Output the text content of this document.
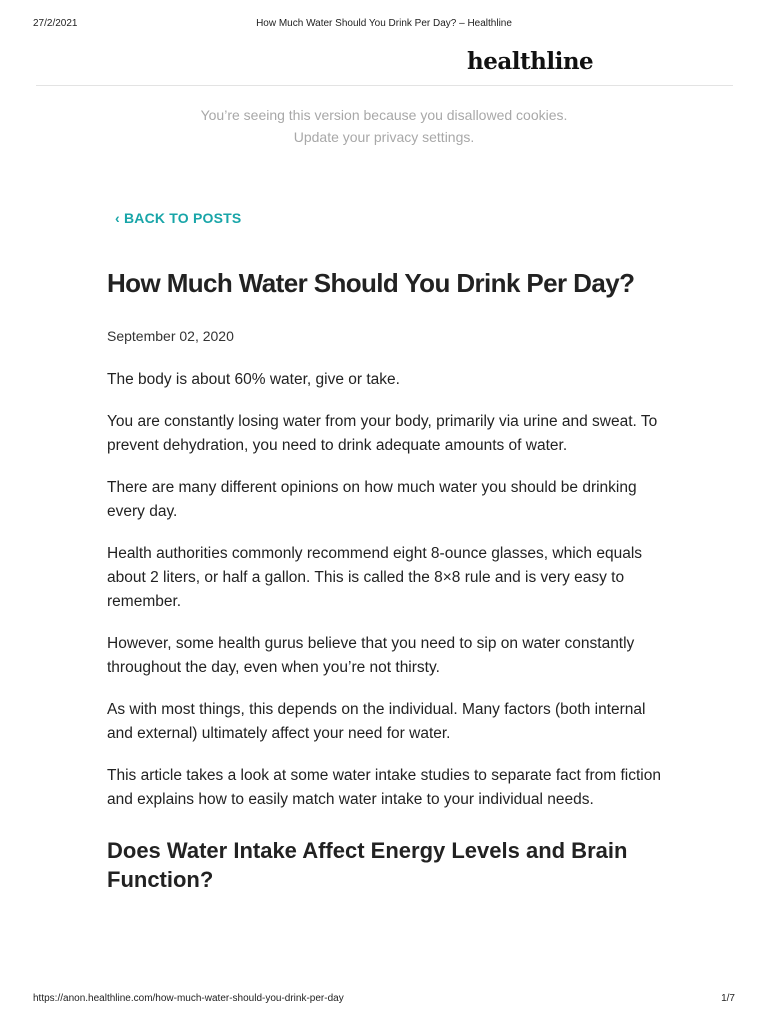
27/2/2021	How Much Water Should You Drink Per Day? – Healthline
healthline
You’re seeing this version because you disallowed cookies.
Update your privacy settings.
‹ BACK TO POSTS
How Much Water Should You Drink Per Day?
September 02, 2020

The body is about 60% water, give or take.

You are constantly losing water from your body, primarily via urine and sweat. To prevent dehydration, you need to drink adequate amounts of water.

There are many different opinions on how much water you should be drinking every day.

Health authorities commonly recommend eight 8-ounce glasses, which equals about 2 liters, or half a gallon. This is called the 8×8 rule and is very easy to remember.

However, some health gurus believe that you need to sip on water constantly throughout the day, even when you’re not thirsty.

As with most things, this depends on the individual. Many factors (both internal and external) ultimately affect your need for water.

This article takes a look at some water intake studies to separate fact from fiction and explains how to easily match water intake to your individual needs.

Does Water Intake Affect Energy Levels and Brain Function?
https://anon.healthline.com/how-much-water-should-you-drink-per-day	1/7
